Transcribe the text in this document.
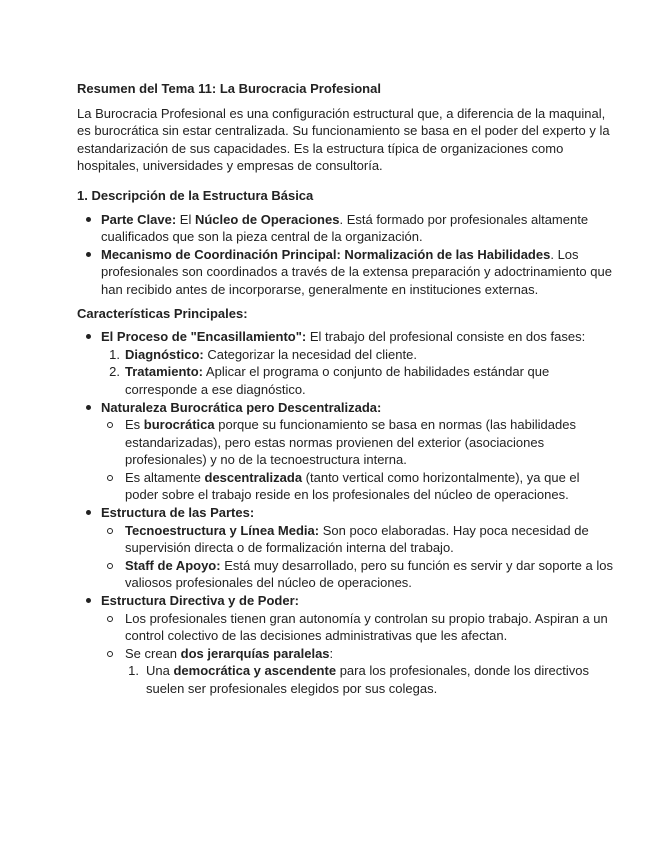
Resumen del Tema 11: La Burocracia Profesional

La Burocracia Profesional es una configuración estructural que, a diferencia de la maquinal, es burocrática sin estar centralizada. Su funcionamiento se basa en el poder del experto y la estandarización de sus capacidades. Es la estructura típica de organizaciones como hospitales, universidades y empresas de consultoría.

1. Descripción de la Estructura Básica

Parte Clave: El Núcleo de Operaciones. Está formado por profesionales altamente cualificados que son la pieza central de la organización.
Mecanismo de Coordinación Principal: Normalización de las Habilidades. Los profesionales son coordinados a través de la extensa preparación y adoctrinamiento que han recibido antes de incorporarse, generalmente en instituciones externas.

Características Principales:

El Proceso de "Encasillamiento": El trabajo del profesional consiste en dos fases:
1. Diagnóstico: Categorizar la necesidad del cliente.
2. Tratamiento: Aplicar el programa o conjunto de habilidades estándar que corresponde a ese diagnóstico.
Naturaleza Burocrática pero Descentralizada:
Es burocrática porque su funcionamiento se basa en normas (las habilidades estandarizadas), pero estas normas provienen del exterior (asociaciones profesionales) y no de la tecnoestructura interna.
Es altamente descentralizada (tanto vertical como horizontalmente), ya que el poder sobre el trabajo reside en los profesionales del núcleo de operaciones.
Estructura de las Partes:
Tecnoestructura y Línea Media: Son poco elaboradas. Hay poca necesidad de supervisión directa o de formalización interna del trabajo.
Staff de Apoyo: Está muy desarrollado, pero su función es servir y dar soporte a los valiosos profesionales del núcleo de operaciones.
Estructura Directiva y de Poder:
Los profesionales tienen gran autonomía y controlan su propio trabajo. Aspiran a un control colectivo de las decisiones administrativas que les afectan.
Se crean dos jerarquías paralelas:
1. Una democrática y ascendente para los profesionales, donde los directivos suelen ser profesionales elegidos por sus colegas.
